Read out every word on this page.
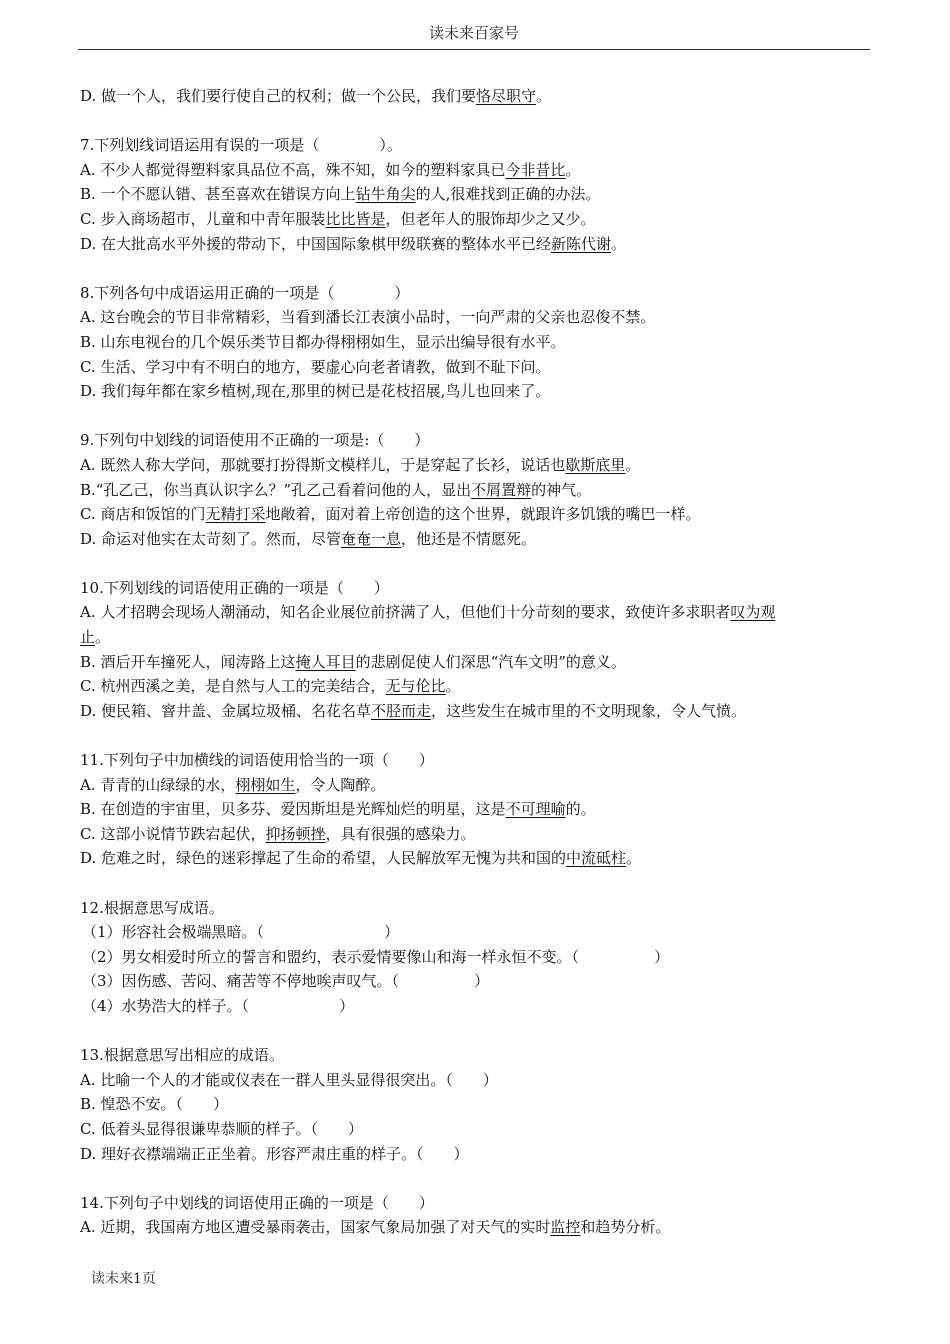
读未来百家号
D. 做一个人，我们要行使自己的权利；做一个公民，我们要恪尽职守。
7.下列划线词语运用有误的一项是（　　　　	）。
A. 不少人都觉得塑料家具品位不高，殊不知，如今的塑料家具已今非昔比。
B. 一个不愿认错、甚至喜欢在错误方向上钻牛角尖的人,很难找到正确的办法。
C. 步入商场超市，儿童和中青年服装比比皆是，但老年人的服饰却少之又少。
D. 在大批高水平外援的带动下，中国国际象棋甲级联赛的整体水平已经新陈代谢。
8.下列各句中成语运用正确的一项是（　　　　	）
A. 这台晚会的节目非常精彩，当看到潘长江表演小品时，一向严肃的父亲也忍俊不禁。
B. 山东电视台的几个娱乐类节目都办得栩栩如生，显示出编导很有水平。
C. 生活、学习中有不明白的地方，要虚心向老者请教，做到不耻下问。
D. 我们每年都在家乡植树,现在,那里的树已是花枝招展,鸟儿也回来了。
9.下列句中划线的词语使用不正确的一项是:（　　 ）
A. 既然人称大学问，那就要打扮得斯文模样儿，于是穿起了长衫，说话也歇斯底里。
B.“孔乙己，你当真认识字么？”孔乙己看着问他的人，显出不屑置辩的神气。
C. 商店和饭馆的门无精打采地敞着，面对着上帝创造的这个世界，就跟许多饥饿的嘴巴一样。
D. 命运对他实在太苛刻了。然而，尽管奄奄一息，他还是不情愿死。
10.下列划线的词语使用正确的一项是（　　 ）
A. 人才招聘会现场人潮涌动，知名企业展位前挤满了人，但他们十分苛刻的要求，致使许多求职者叹为观
止。
B. 酒后开车撞死人，闻涛路上这掩人耳目的悲剧促使人们深思“汽车文明”的意义。
C. 杭州西溪之美，是自然与人工的完美结合，无与伦比。
D. 便民箱、窨井盖、金属垃圾桶、名花名草不胫而走，这些发生在城市里的不文明现象，令人气愤。
11.下列句子中加横线的词语使用恰当的一项（　　 ）
A. 青青的山绿绿的水，栩栩如生，令人陶醉。
B. 在创造的宇宙里，贝多芬、爱因斯坦是光辉灿烂的明星，这是不可理喻的。
C. 这部小说情节跌宕起伏，抑扬顿挫，具有很强的感染力。
D. 危难之时，绿色的迷彩撑起了生命的希望，人民解放军无愧为共和国的中流砥柱。
12.根据意思写成语。
（1）形容社会极端黑暗。（　　　　　　　　	）
（2）男女相爱时所立的誓言和盟约，表示爱情要像山和海一样永恒不变。（　　　　　	）
（3）因伤感、苦闷、痛苦等不停地唉声叹气。（　　　　　	）
（4）水势浩大的样子。（　　　　　　	）
13.根据意思写出相应的成语。
A. 比喻一个人的才能或仪表在一群人里头显得很突出。（　　 ）
B. 惶恐不安。（　　 ）
C. 低着头显得很谦卑恭顺的样子。（　　 ）
D. 理好衣襟端端正正坐着。形容严肃庄重的样子。（　　 ）
14.下列句子中划线的词语使用正确的一项是（　　 ）
A. 近期，我国南方地区遭受暴雨袭击，国家气象局加强了对天气的实时监控和趋势分析。
读未来1页
